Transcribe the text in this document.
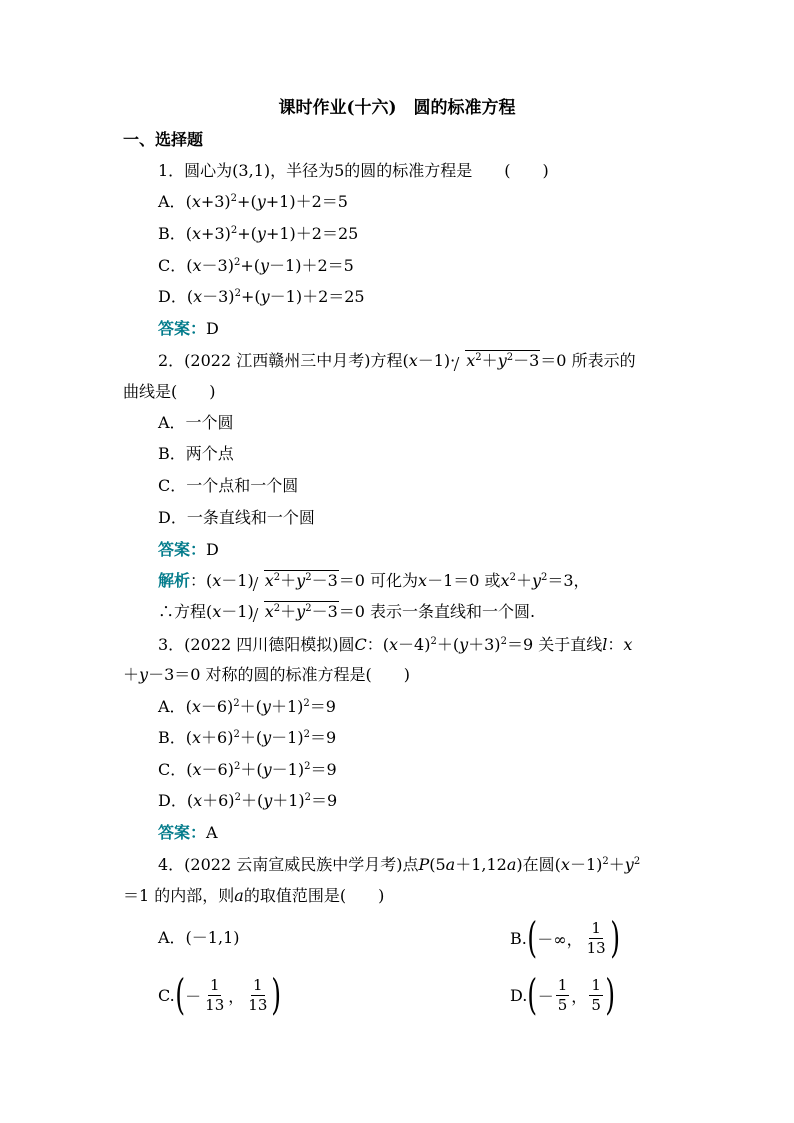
课时作业(十六)　圆的标准方程
一、选择题
1．圆心为(3,1)，半径为5的圆的标准方程是　　(　　)
A．$(x+3)^2+(y+1)+2=5$
B．$(x+3)^2+(y+1)+2=25$
C．$(x-3)^2+(y-1)+2=5$
D．$(x-3)^2+(y-1)+2=25$
答案：D
2．(2022 江西赣州三中月考)方程$(x-1)\cdot x^2+y^2-3=0$ 所表示的
曲线是(　　)
A．一个圆
B．两个点
C．一个点和一个圆
D．一条直线和一个圆
答案：D
解析：(x－1) $x^2+y^2-3=0$ 可化为x－1＝0 或$x^2+y^2=3$，
∴方程(x－1) $x^2+y^2-3=0$ 表示一条直线和一个圆.
3．(2022 四川德阳模拟)圆C：$(x-4)^2+(y+3)^2=9$ 关于直线l：x
＋y－3＝0 对称的圆的标准方程是(　　)
A．$(x-6)^2+(y+1)^2=9$
B．$(x+6)^2+(y-1)^2=9$
C．$(x-6)^2+(y-1)^2=9$
D．$(x+6)^2+(y+1)^2=9$
答案：A
4．(2022 云南宣威民族中学月考)点P(5a＋1,12a)在圆$(x-1)^2+y^2$
＝1 的内部，则a的取值范围是(　　)
A．(－1,1)	B. ( －∞， $\frac{1}{13}$ )
C. ( － $\frac{1}{13}$ ， $\frac{1}{13}$ )	D. ( － $\frac{1}{5}$ ， $\frac{1}{5}$ )
